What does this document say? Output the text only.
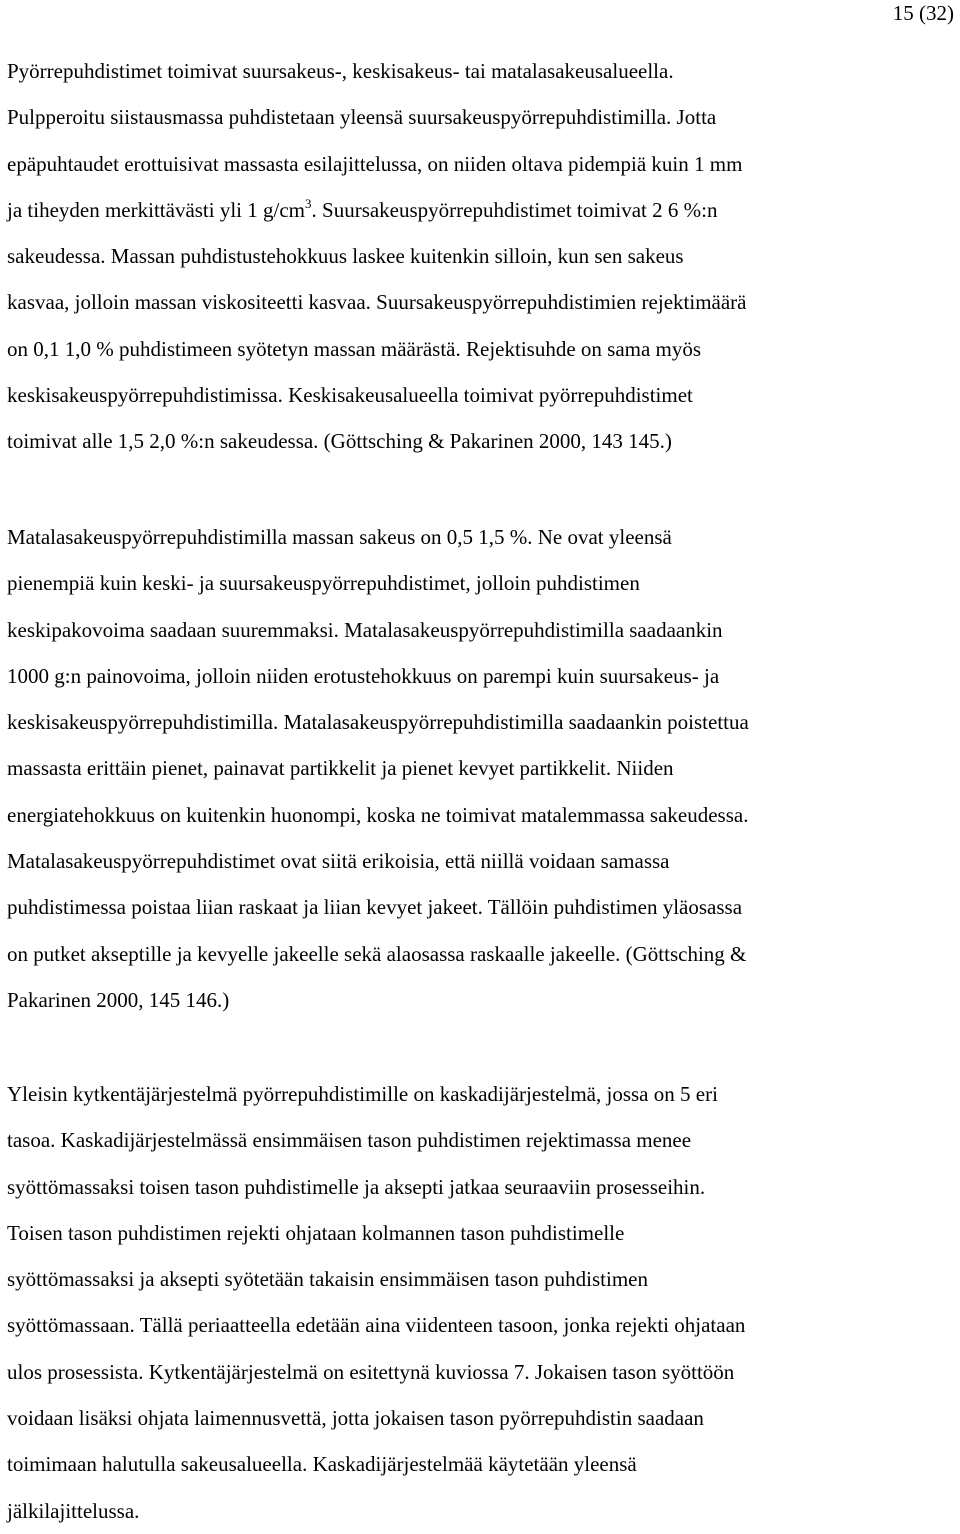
15 (32)
Pyörrepuhdistimet toimivat suursakeus-, keskisakeus- tai matalasakeusalueella.
Pulpperoitu siistausmassa puhdistetaan yleensä suursakeuspyörrepuhdistimilla. Jotta
epäpuhtaudet erottuisivat massasta esilajittelussa, on niiden oltava pidempiä kuin 1 mm
ja tiheyden merkittävästi yli 1 $g/cm^3$. Suursakeuspyörrepuhdistimet toimivat 2 6 %:n
sakeudessa. Massan puhdistustehokkuus laskee kuitenkin silloin, kun sen sakeus
kasvaa, jolloin massan viskositeetti kasvaa. Suursakeuspyörrepuhdistimien rejektimäärä
on 0,1 1,0 % puhdistimeen syötetyn massan määrästä. Rejektisuhde on sama myös
keskisakeuspyörrepuhdistimissa. Keskisakeusalueella toimivat pyörrepuhdistimet
toimivat alle 1,5 2,0 %:n sakeudessa. (Göttsching & Pakarinen 2000, 143 145.)
Matalasakeuspyörrepuhdistimilla massan sakeus on 0,5 1,5 %. Ne ovat yleensä
pienempiä kuin keski- ja suursakeuspyörrepuhdistimet, jolloin puhdistimen
keskipakovoima saadaan suuremmaksi. Matalasakeuspyörrepuhdistimilla saadaankin
1000 g:n painovoima, jolloin niiden erotustehokkuus on parempi kuin suursakeus- ja
keskisakeuspyörrepuhdistimilla. Matalasakeuspyörrepuhdistimilla saadaankin poistettua
massasta erittäin pienet, painavat partikkelit ja pienet kevyet partikkelit. Niiden
energiatehokkuus on kuitenkin huonompi, koska ne toimivat matalemmassa sakeudessa.
Matalasakeuspyörrepuhdistimet ovat siitä erikoisia, että niillä voidaan samassa
puhdistimessa poistaa liian raskaat ja liian kevyet jakeet. Tällöin puhdistimen yläosassa
on putket akseptille ja kevyelle jakeelle sekä alaosassa raskaalle jakeelle. (Göttsching &
Pakarinen 2000, 145 146.)
Yleisin kytkentäjärjestelmä pyörrepuhdistimille on kaskadijärjestelmä, jossa on 5 eri
tasoa. Kaskadijärjestelmässä ensimmäisen tason puhdistimen rejektimassa menee
syöttömassaksi toisen tason puhdistimelle ja aksepti jatkaa seuraaviin prosesseihin.
Toisen tason puhdistimen rejekti ohjataan kolmannen tason puhdistimelle
syöttömassaksi ja aksepti syötetään takaisin ensimmäisen tason puhdistimen
syöttömassaan. Tällä periaatteella edetään aina viidenteen tasoon, jonka rejekti ohjataan
ulos prosessista. Kytkentäjärjestelmä on esitettynä kuviossa 7. Jokaisen tason syöttöön
voidaan lisäksi ohjata laimennusvettä, jotta jokaisen tason pyörrepuhdistin saadaan
toimimaan halutulla sakeusalueella. Kaskadijärjestelmää käytetään yleensä
jälkilajittelussa.
